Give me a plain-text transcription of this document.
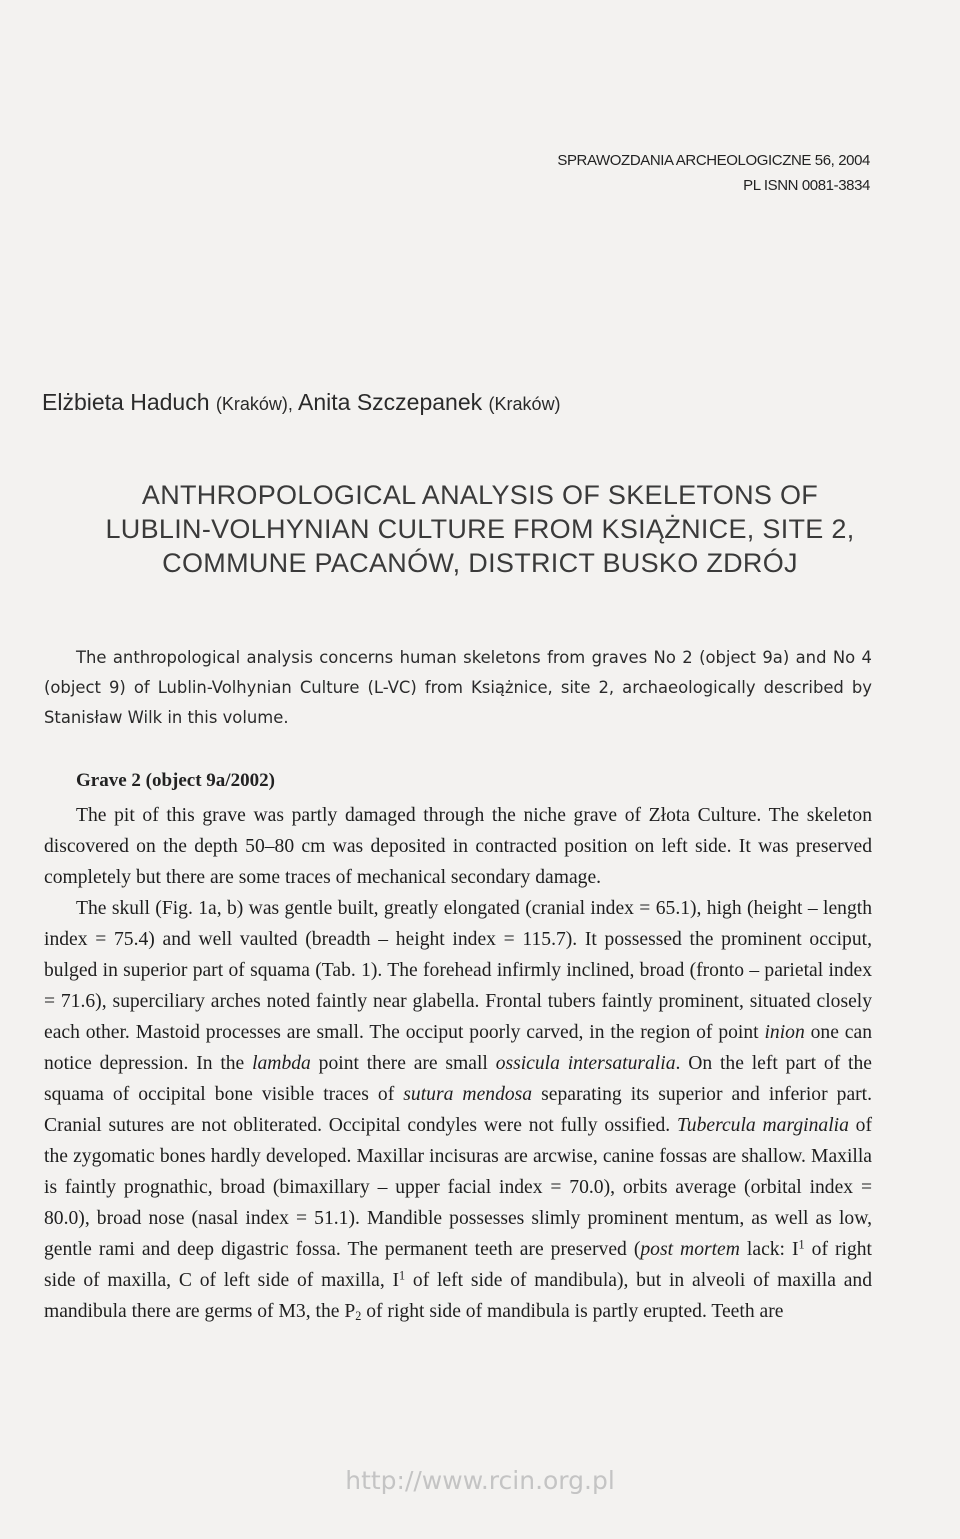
SPRAWOZDANIA ARCHEOLOGICZNE 56, 2004
PL ISNN 0081-3834
Elżbieta Haduch (Kraków), Anita Szczepanek (Kraków)
ANTHROPOLOGICAL ANALYSIS OF SKELETONS OF
LUBLIN-VOLHYNIAN CULTURE FROM KSIĄŻNICE, SITE 2,
COMMUNE PACANÓW, DISTRICT BUSKO ZDRÓJ

The anthropological analysis concerns human skeletons from graves No 2 (object 9a) and No 4 (object 9) of Lublin-Volhynian Culture (L-VC) from Książnice, site 2, archaeologically described by Stanisław Wilk in this volume.

Grave 2 (object 9a/2002)

The pit of this grave was partly damaged through the niche grave of Złota Culture. The skeleton discovered on the depth 50–80 cm was deposited in contracted position on left side. It was preserved completely but there are some traces of mechanical secondary damage.

The skull (Fig. 1a, b) was gentle built, greatly elongated (cranial index = 65.1), high (height – length index = 75.4) and well vaulted (breadth – height index = 115.7). It possessed the prominent occiput, bulged in superior part of squama (Tab. 1). The forehead infirmly inclined, broad (fronto – parietal index = 71.6), superciliary arches noted faintly near glabella. Frontal tubers faintly prominent, situated closely each other. Mastoid processes are small. The occiput poorly carved, in the region of point inion one can notice depression. In the lambda point there are small ossicula intersaturalia. On the left part of the squama of occipital bone visible traces of sutura mendosa separating its superior and inferior part. Cranial sutures are not obliterated. Occipital condyles were not fully ossified. Tubercula marginalia of the zygomatic bones hardly developed. Maxillar incisuras are arcwise, canine fossas are shallow. Maxilla is faintly prognathic, broad (bimaxillary – upper facial index = 70.0), orbits average (orbital index = 80.0), broad nose (nasal index = 51.1). Mandible possesses slimly prominent mentum, as well as low, gentle rami and deep digastric fossa. The permanent teeth are preserved (post mortem lack: $I^1$ of right side of maxilla, C of left side of maxilla, $I^1$ of left side of mandibula), but in alveoli of maxilla and mandibula there are germs of M3, the $P_2$ of right side of mandibula is partly erupted. Teeth are

http://www.rcin.org.pl
